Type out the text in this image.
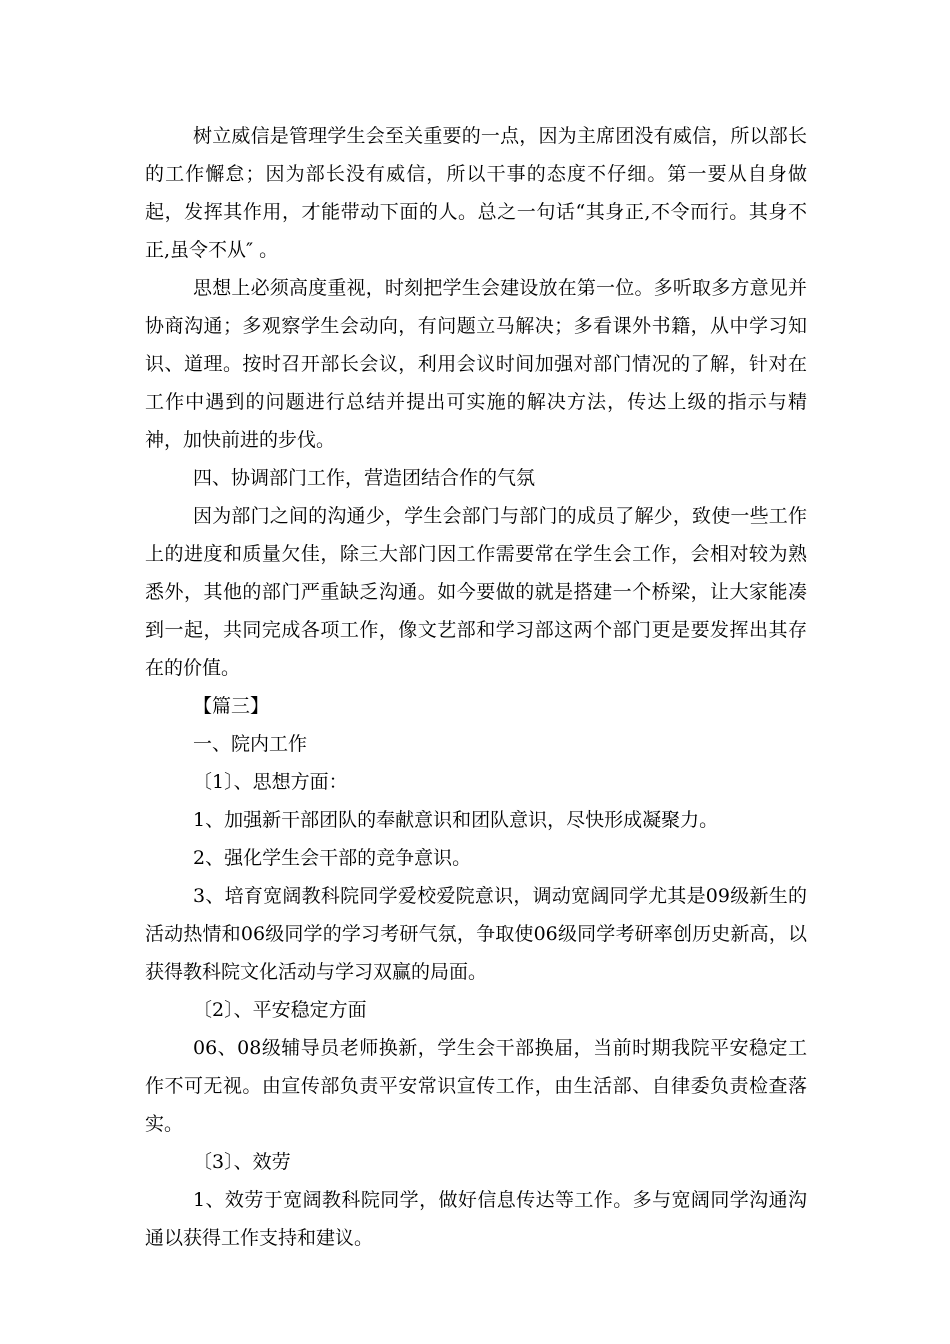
树立威信是管理学生会至关重要的一点，因为主席团没有威信，所以部长的工作懈怠；因为部长没有威信，所以干事的态度不仔细。第一要从自身做起，发挥其作用，才能带动下面的人。总之一句话“其身正,不令而行。其身不正,虽令不从″ 。

思想上必须高度重视，时刻把学生会建设放在第一位。多听取多方意见并协商沟通；多观察学生会动向，有问题立马解决；多看课外书籍，从中学习知识、道理。按时召开部长会议，利用会议时间加强对部门情况的了解，针对在工作中遇到的问题进行总结并提出可实施的解决方法，传达上级的指示与精神，加快前进的步伐。

四、协调部门工作，营造团结合作的气氛

因为部门之间的沟通少，学生会部门与部门的成员了解少，致使一些工作上的进度和质量欠佳，除三大部门因工作需要常在学生会工作，会相对较为熟悉外，其他的部门严重缺乏沟通。如今要做的就是搭建一个桥梁，让大家能凑到一起，共同完成各项工作，像文艺部和学习部这两个部门更是要发挥出其存在的价值。

【篇三】

一、院内工作

〔1〕、思想方面：

1、加强新干部团队的奉献意识和团队意识，尽快形成凝聚力。

2、强化学生会干部的竞争意识。

3、培育宽阔教科院同学爱校爱院意识，调动宽阔同学尤其是09级新生的活动热情和06级同学的学习考研气氛，争取使06级同学考研率创历史新高，以获得教科院文化活动与学习双赢的局面。

〔2〕、平安稳定方面

06、08级辅导员老师换新，学生会干部换届，当前时期我院平安稳定工作不可无视。由宣传部负责平安常识宣传工作，由生活部、自律委负责检查落实。

〔3〕、效劳

1、效劳于宽阔教科院同学，做好信息传达等工作。多与宽阔同学沟通沟通以获得工作支持和建议。
